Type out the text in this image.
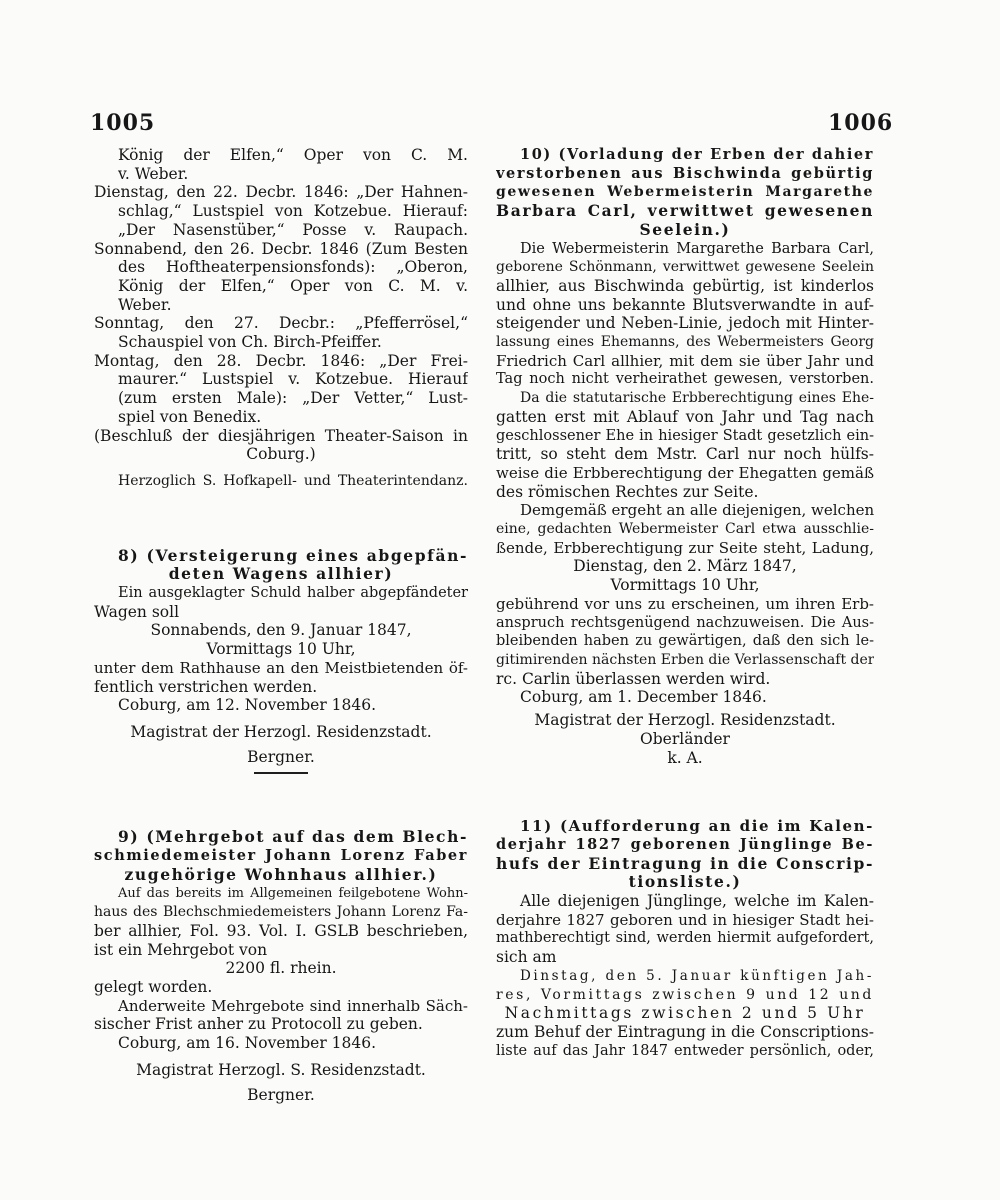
1005	1006
König der Elfen,“ Oper von C. M.
v. Weber.
Dienstag, den 22. Decbr. 1846: „Der Hahnen-
schlag,“ Lustspiel von Kotzebue. Hierauf:
„Der Nasenstüber,“ Posse v. Raupach.
Sonnabend, den 26. Decbr. 1846 (Zum Besten
des Hoftheaterpensionsfonds): „Oberon,
König der Elfen,“ Oper von C. M. v.
Weber.
Sonntag, den 27. Decbr.: „Pfefferrösel,“
Schauspiel von Ch. Birch-Pfeiffer.
Montag, den 28. Decbr. 1846: „Der Frei-
maurer.“ Lustspiel v. Kotzebue. Hierauf
(zum ersten Male): „Der Vetter,“ Lust-
spiel von Benedix.
(Beschluß der diesjährigen Theater-Saison in
Coburg.)
Herzoglich S. Hofkapell- und Theaterintendanz.
8) (Versteigerung eines abgepfän-
deten Wagens allhier)
Ein ausgeklagter Schuld halber abgepfändeter
Wagen soll
Sonnabends, den 9. Januar 1847,
Vormittags 10 Uhr,
unter dem Rathhause an den Meistbietenden öf-
fentlich verstrichen werden.
Coburg, am 12. November 1846.
Magistrat der Herzogl. Residenzstadt.
Bergner.
9) (Mehrgebot auf das dem Blech-
schmiedemeister Johann Lorenz Faber
zugehörige Wohnhaus allhier.)
Auf das bereits im Allgemeinen feilgebotene Wohn-
haus des Blechschmiedemeisters Johann Lorenz Fa-
ber allhier, Fol. 93. Vol. I. GSLB beschrieben,
ist ein Mehrgebot von
2200 fl. rhein.
gelegt worden.
Anderweite Mehrgebote sind innerhalb Säch-
sischer Frist anher zu Protocoll zu geben.
Coburg, am 16. November 1846.
Magistrat Herzogl. S. Residenzstadt.
Bergner.
10) (Vorladung der Erben der dahier
verstorbenen aus Bischwinda gebürtig
gewesenen Webermeisterin Margarethe
Barbara Carl, verwittwet gewesenen
Seelein.)
Die Webermeisterin Margarethe Barbara Carl,
geborene Schönmann, verwittwet gewesene Seelein
allhier, aus Bischwinda gebürtig, ist kinderlos
und ohne uns bekannte Blutsverwandte in auf-
steigender und Neben-Linie, jedoch mit Hinter-
lassung eines Ehemanns, des Webermeisters Georg
Friedrich Carl allhier, mit dem sie über Jahr und
Tag noch nicht verheirathet gewesen, verstorben.
Da die statutarische Erbberechtigung eines Ehe-
gatten erst mit Ablauf von Jahr und Tag nach
geschlossener Ehe in hiesiger Stadt gesetzlich ein-
tritt, so steht dem Mstr. Carl nur noch hülfs-
weise die Erbberechtigung der Ehegatten gemäß
des römischen Rechtes zur Seite.
Demgemäß ergeht an alle diejenigen, welchen
eine, gedachten Webermeister Carl etwa ausschlie-
ßende, Erbberechtigung zur Seite steht, Ladung,
Dienstag, den 2. März 1847,
Vormittags 10 Uhr,
gebührend vor uns zu erscheinen, um ihren Erb-
anspruch rechtsgenügend nachzuweisen. Die Aus-
bleibenden haben zu gewärtigen, daß den sich le-
gitimirenden nächsten Erben die Verlassenschaft der
rc. Carlin überlassen werden wird.
Coburg, am 1. December 1846.
Magistrat der Herzogl. Residenzstadt.
Oberländer
k. A.
11) (Aufforderung an die im Kalen-
derjahr 1827 geborenen Jünglinge Be-
hufs der Eintragung in die Conscrip-
tionsliste.)
Alle diejenigen Jünglinge, welche im Kalen-
derjahre 1827 geboren und in hiesiger Stadt hei-
mathberechtigt sind, werden hiermit aufgefordert,
sich am
Dinstag, den 5. Januar künftigen Jah-
res, Vormittags zwischen 9 und 12 und
Nachmittags zwischen 2 und 5 Uhr
zum Behuf der Eintragung in die Conscriptions-
liste auf das Jahr 1847 entweder persönlich, oder,
